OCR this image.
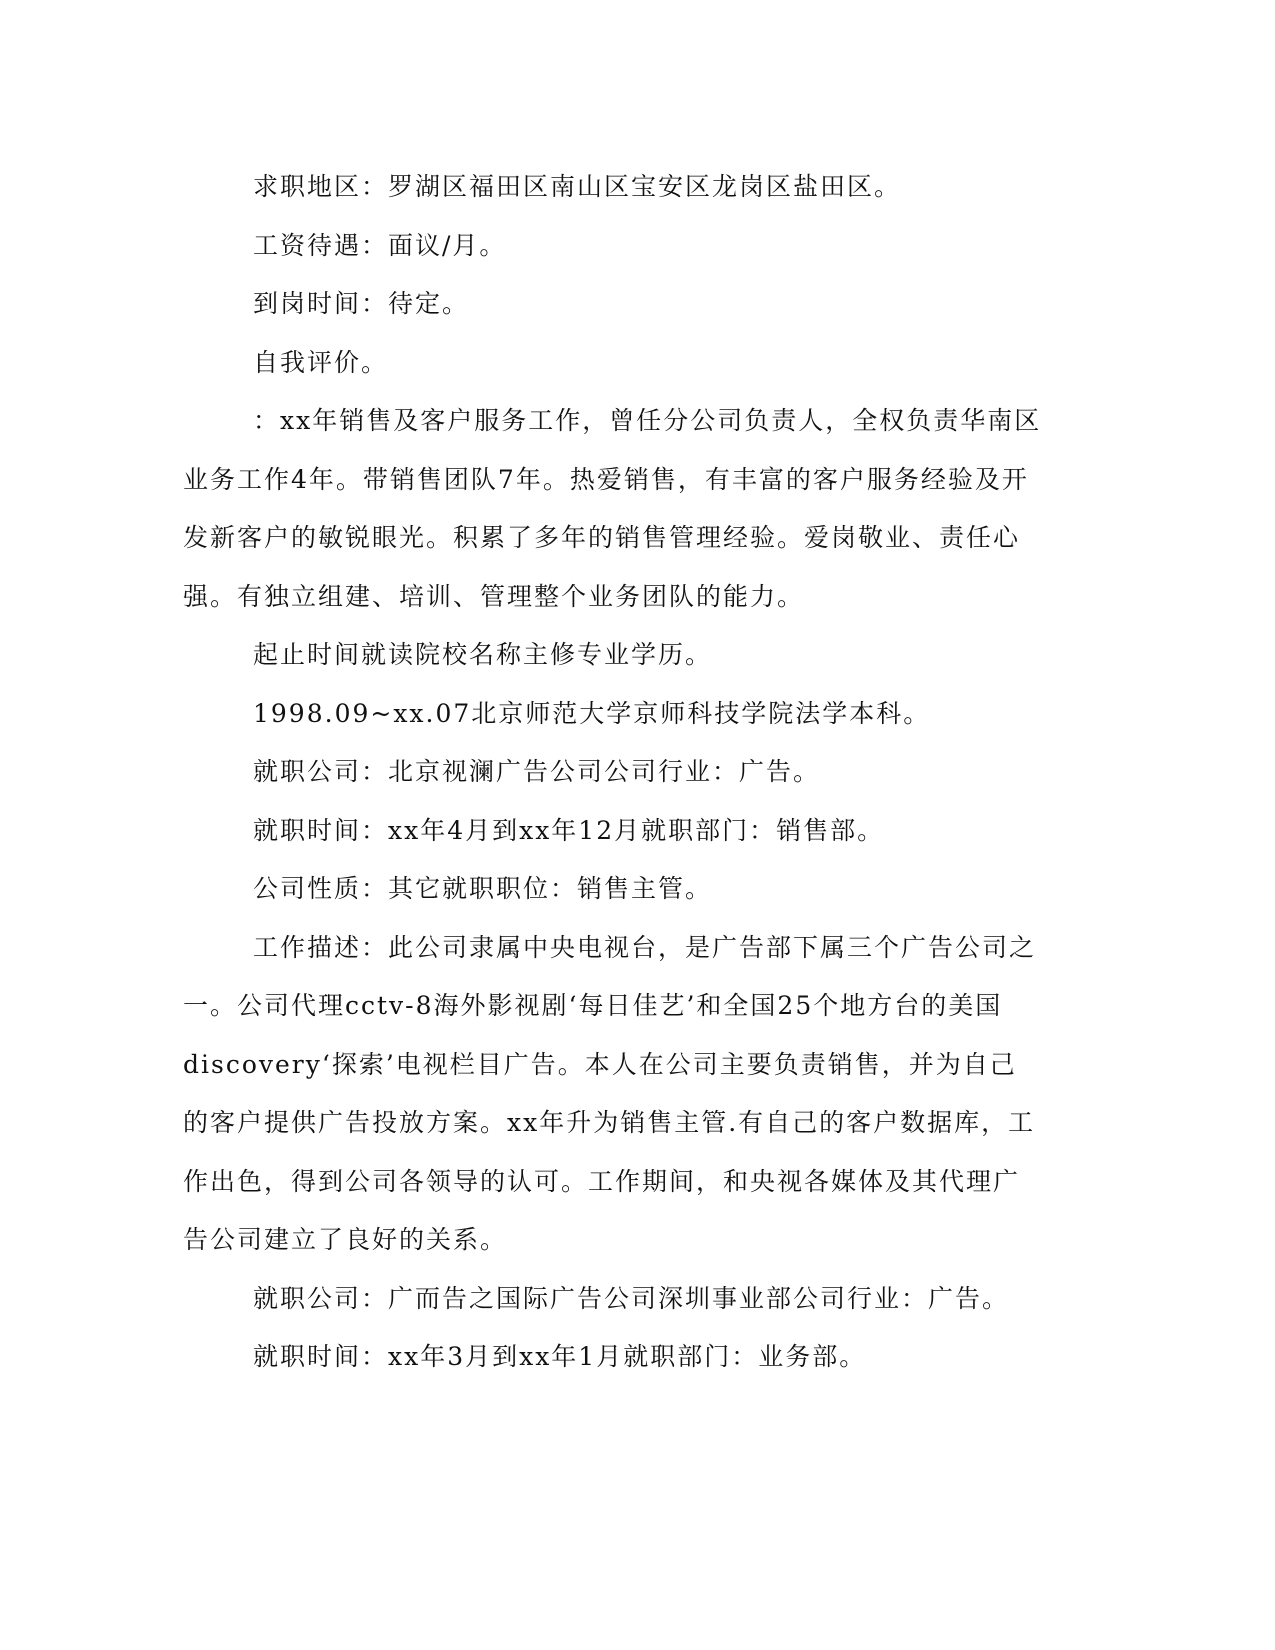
求职地区：罗湖区福田区南山区宝安区龙岗区盐田区。

工资待遇：面议/月。

到岗时间：待定。

自我评价。

：xx年销售及客户服务工作，曾任分公司负责人，全权负责华南区业务工作4年。带销售团队7年。热爱销售，有丰富的客户服务经验及开发新客户的敏锐眼光。积累了多年的销售管理经验。爱岗敬业、责任心强。有独立组建、培训、管理整个业务团队的能力。

起止时间就读院校名称主修专业学历。

1998.09~xx.07北京师范大学京师科技学院法学本科。

就职公司：北京视澜广告公司公司行业：广告。

就职时间：xx年4月到xx年12月就职部门：销售部。

公司性质：其它就职职位：销售主管。

工作描述：此公司隶属中央电视台，是广告部下属三个广告公司之一。公司代理cctv-8海外影视剧‘每日佳艺’和全国25个地方台的美国discovery‘探索’电视栏目广告。本人在公司主要负责销售，并为自己的客户提供广告投放方案。xx年升为销售主管.有自己的客户数据库，工作出色，得到公司各领导的认可。工作期间，和央视各媒体及其代理广告公司建立了良好的关系。

就职公司：广而告之国际广告公司深圳事业部公司行业：广告。

就职时间：xx年3月到xx年1月就职部门：业务部。
